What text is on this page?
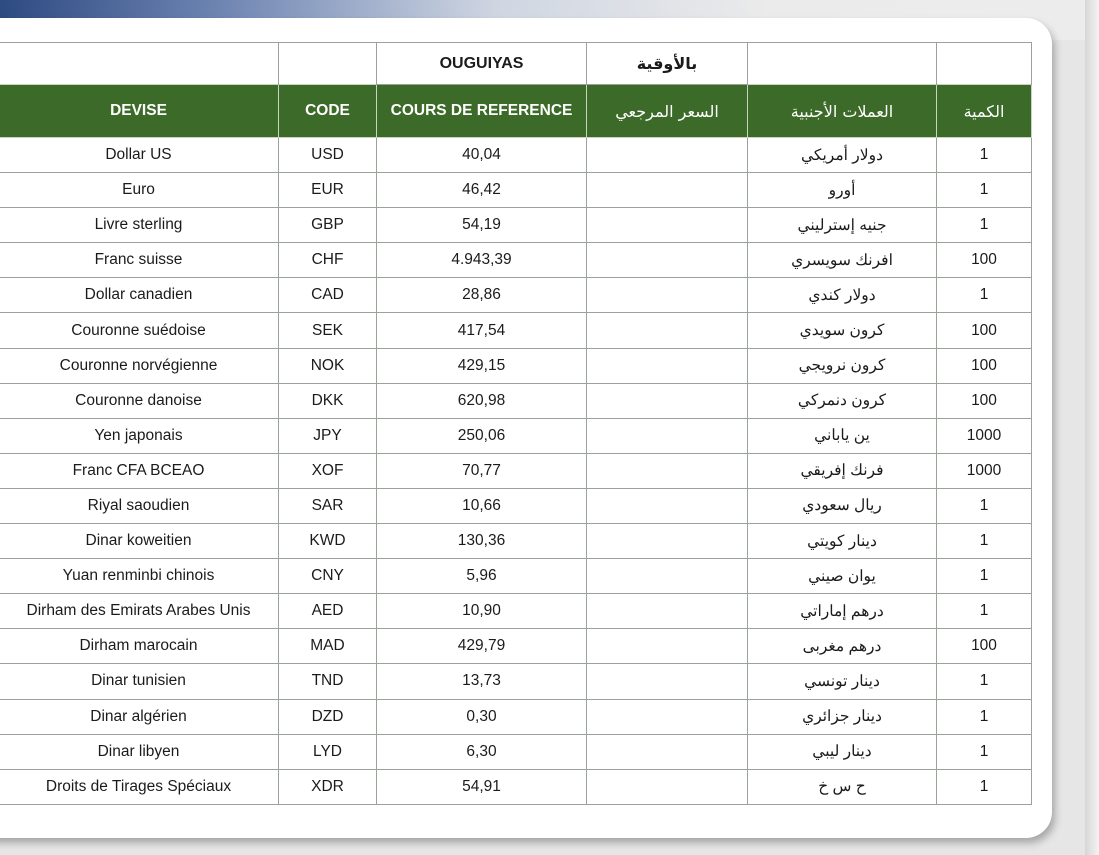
		OUGUIYAS	بالأوقية		
DEVISE	CODE	COURS DE REFERENCE	السعر المرجعي	العملات الأجنبية	الكمية
Dollar US	USD	40,04		دولار أمريكي	1
Euro	EUR	46,42		أورو	1
Livre sterling	GBP	54,19		جنيه إسترليني	1
Franc suisse	CHF	4.943,39		افرنك سويسري	100
Dollar canadien	CAD	28,86		دولار كندي	1
Couronne suédoise	SEK	417,54		كرون سويدي	100
Couronne norvégienne	NOK	429,15		كرون نرويجي	100
Couronne danoise	DKK	620,98		كرون دنمركي	100
Yen japonais	JPY	250,06		ين ياباني	1000
Franc CFA BCEAO	XOF	70,77		فرنك إفريقي	1000
Riyal saoudien	SAR	10,66		ريال سعودي	1
Dinar koweitien	KWD	130,36		دينار كويتي	1
Yuan renminbi chinois	CNY	5,96		يوان صيني	1
Dirham des Emirats Arabes Unis	AED	10,90		درهم إماراتي	1
Dirham marocain	MAD	429,79		درهم مغربى	100
Dinar tunisien	TND	13,73		دينار تونسي	1
Dinar algérien	DZD	0,30		دينار جزائري	1
Dinar libyen	LYD	6,30		دينار ليبي	1
Droits de Tirages Spéciaux	XDR	54,91		ح س خ	1
